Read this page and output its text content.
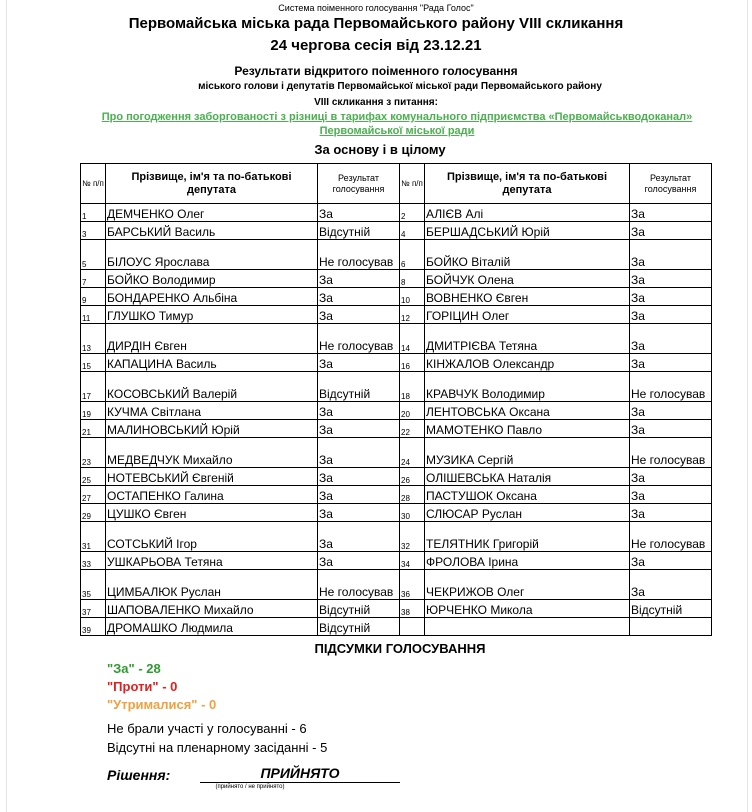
Система поіменного голосування "Рада Голос"
Первомайська міська рада Первомайського району VIII скликання
24 чергова сесія від 23.12.21
Результати відкритого поіменного голосування
міського голови і депутатів Первомайської міської ради Первомайського району
VIII скликання з питання:
Про погодження заборгованості з різниці в тарифах комунального підприємства «Первомайськводоканал»
Первомайської міської ради
За основу і в цілому
№ п/п	Прізвище, ім'я та по-батькові депутата	Результат голосування	№ п/п	Прізвище, ім'я та по-батькові депутата	Результат голосування
1	ДЕМЧЕНКО Олег	За	2	АЛІЄВ Алі	За
3	БАРСЬКИЙ Василь	Відсутній	4	БЕРШАДСЬКИЙ Юрій	За
5	БІЛОУС Ярослава	Не голосував	6	БОЙКО Віталій	За
7	БОЙКО Володимир	За	8	БОЙЧУК Олена	За
9	БОНДАРЕНКО Альбіна	За	10	ВОВНЕНКО Євген	За
11	ГЛУШКО Тимур	За	12	ГОРІЦИН Олег	За
13	ДИРДІН Євген	Не голосував	14	ДМИТРІЄВА Тетяна	За
15	КАПАЦИНА Василь	За	16	КІНЖАЛОВ Олександр	За
17	КОСОВСЬКИЙ Валерій	Відсутній	18	КРАВЧУК Володимир	Не голосував
19	КУЧМА Світлана	За	20	ЛЕНТОВСЬКА Оксана	За
21	МАЛИНОВСЬКИЙ Юрій	За	22	МАМОТЕНКО Павло	За
23	МЕДВЕДЧУК Михайло	За	24	МУЗИКА Сергій	Не голосував
25	НОТЕВСЬКИЙ Євгеній	За	26	ОЛІШЕВСЬКА Наталія	За
27	ОСТАПЕНКО Галина	За	28	ПАСТУШОК Оксана	За
29	ЦУШКО Євген	За	30	СЛЮСАР Руслан	За
31	СОТСЬКИЙ Ігор	За	32	ТЕЛЯТНИК Григорій	Не голосував
33	УШКАРЬОВА Тетяна	За	34	ФРОЛОВА Ірина	За
35	ЦИМБАЛЮК Руслан	Не голосував	36	ЧЕКРИЖОВ Олег	За
37	ШАПОВАЛЕНКО Михайло	Відсутній	38	ЮРЧЕНКО Микола	Відсутній
39	ДРОМАШКО Людмила	Відсутній			
ПІДСУМКИ ГОЛОСУВАННЯ
"За" - 28
"Проти" - 0
"Утрималися" - 0
Не брали участі у голосуванні - 6
Відсутні на пленарному засіданні - 5
Рішення:	ПРИЙНЯТО
(прийнято / не прийнято)
